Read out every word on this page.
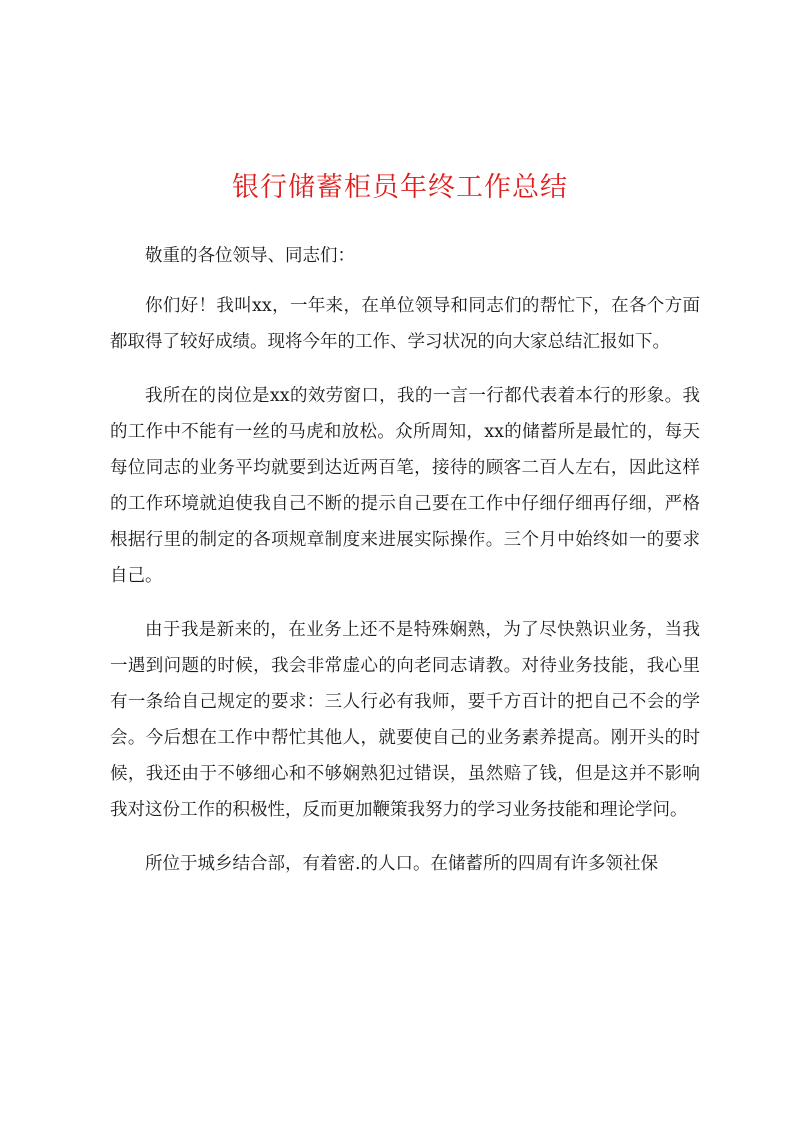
银行储蓄柜员年终工作总结

敬重的各位领导、同志们：

你们好！我叫xx，一年来，在单位领导和同志们的帮忙下，在各个方面都取得了较好成绩。现将今年的工作、学习状况的向大家总结汇报如下。

我所在的岗位是xx的效劳窗口，我的一言一行都代表着本行的形象。我的工作中不能有一丝的马虎和放松。众所周知，xx的储蓄所是最忙的，每天每位同志的业务平均就要到达近两百笔，接待的顾客二百人左右，因此这样的工作环境就迫使我自己不断的提示自己要在工作中仔细仔细再仔细，严格根据行里的制定的各项规章制度来进展实际操作。三个月中始终如一的要求自己。

由于我是新来的，在业务上还不是特殊娴熟，为了尽快熟识业务，当我一遇到问题的时候，我会非常虚心的向老同志请教。对待业务技能，我心里有一条给自己规定的要求：三人行必有我师，要千方百计的把自己不会的学会。今后想在工作中帮忙其他人，就要使自己的业务素养提高。刚开头的时候，我还由于不够细心和不够娴熟犯过错误，虽然赔了钱，但是这并不影响我对这份工作的积极性，反而更加鞭策我努力的学习业务技能和理论学问。

所位于城乡结合部，有着密.的人口。在储蓄所的四周有许多领社保
